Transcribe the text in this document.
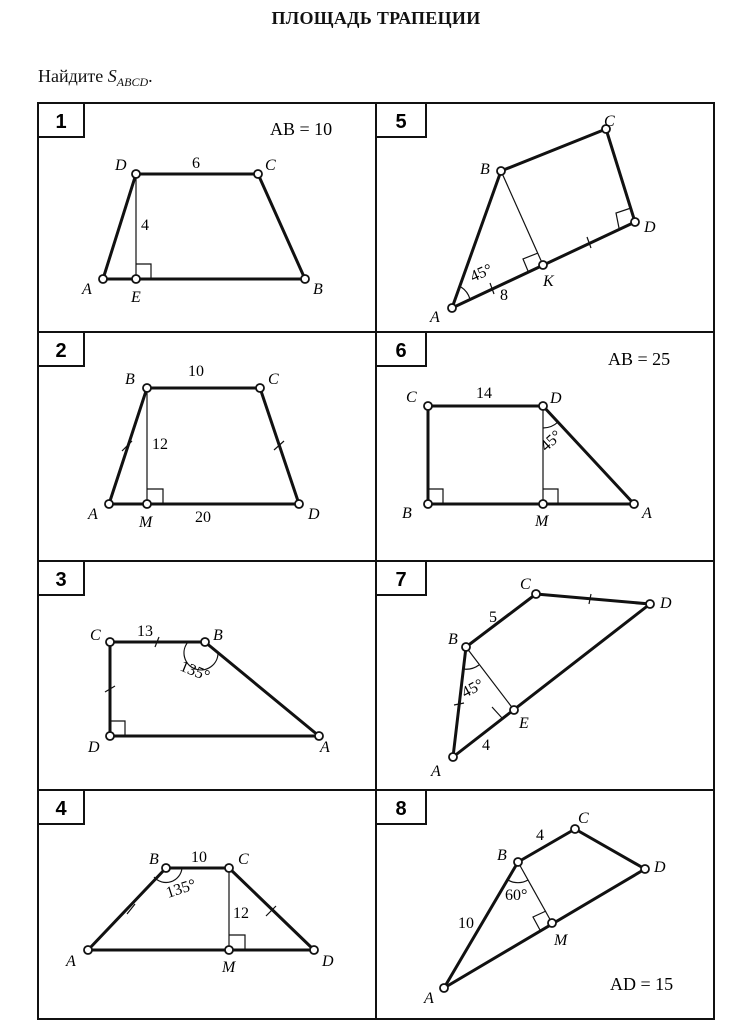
ПЛОЩАДЬ ТРАПЕЦИИ
Найдите $S_{ABCD}$.
1
2
3
4
5
6
7
8
AB = 10
A	B
C
D
E
6
4
A
B	C
D
M
10
12
20
C	B
D	A
13
135°
A
B	C
D
M
10
12
135°
A
B
C
D
K
8
45°
AB = 25
C	D
B	A
M
14
45°
A
B
C
D
E
5
4
45°
AD = 15
A
B
C
D
M
4
10
60°
